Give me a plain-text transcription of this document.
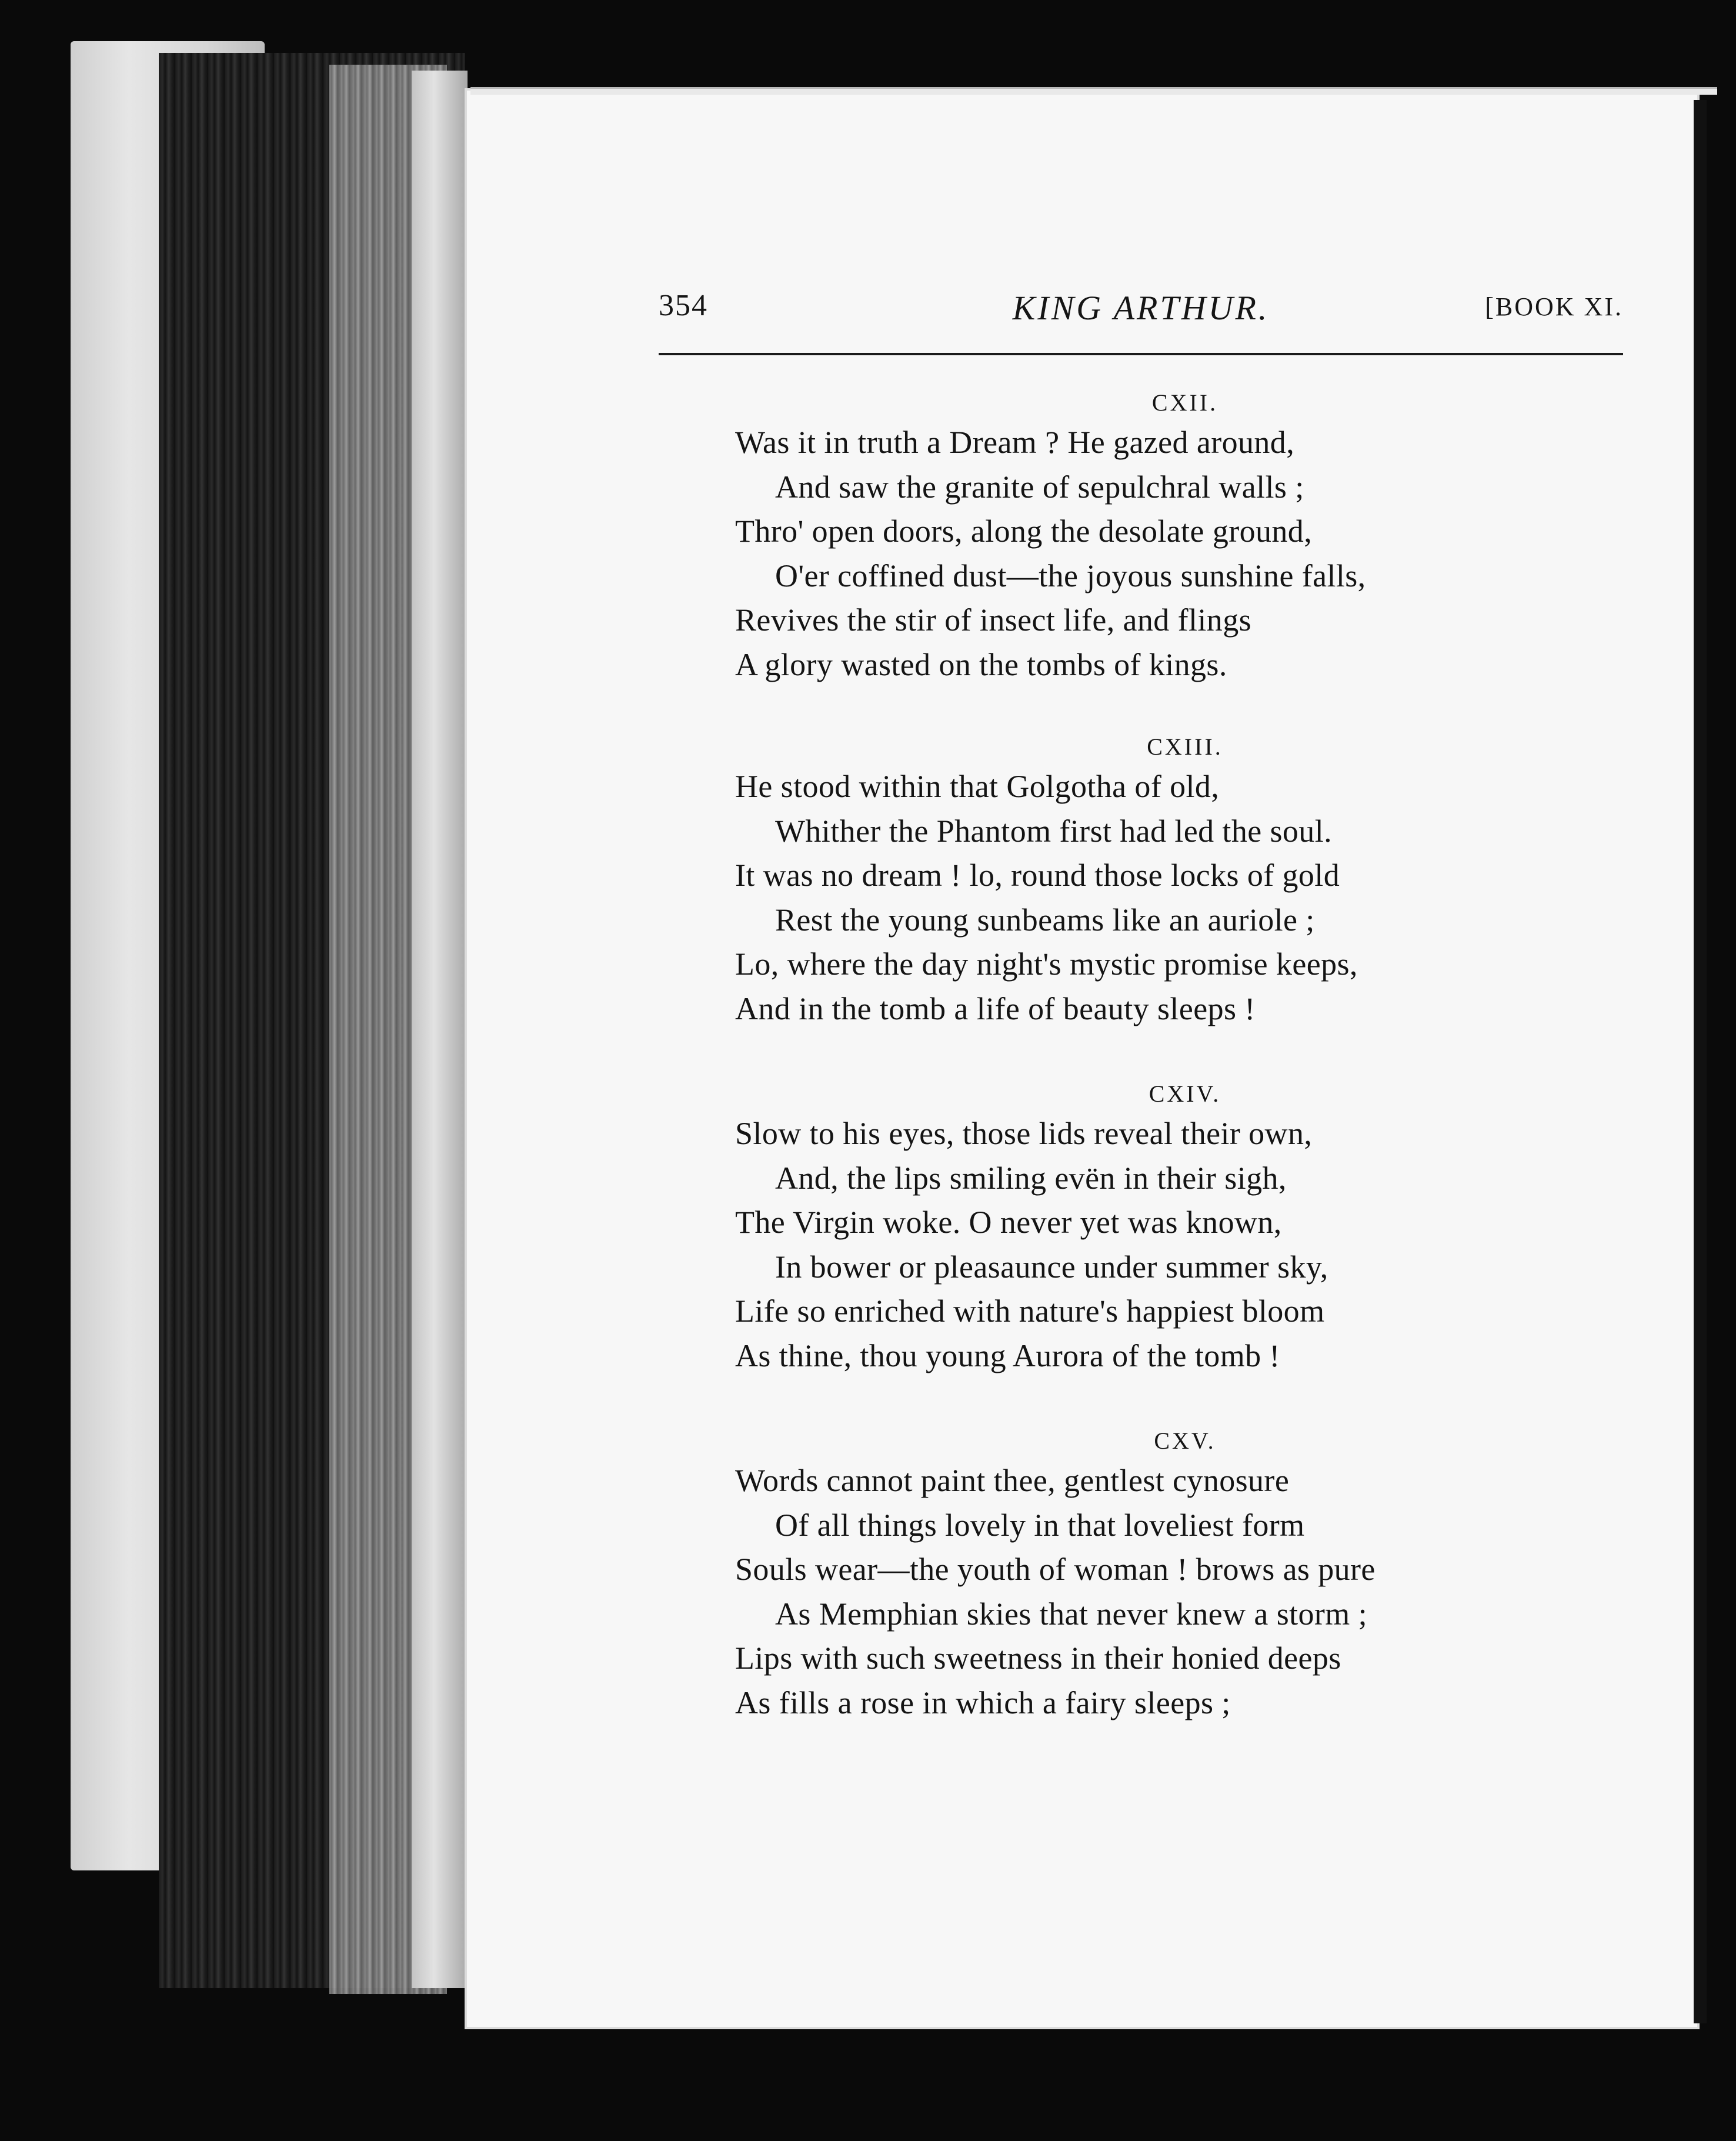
354	KING ARTHUR.	[BOOK XI.
CXII.
Was it in truth a Dream ? He gazed around,
And saw the granite of sepulchral walls ;
Thro' open doors, along the desolate ground,
O'er coffined dust—the joyous sunshine falls,
Revives the stir of insect life, and flings
A glory wasted on the tombs of kings.
CXIII.
He stood within that Golgotha of old,
Whither the Phantom first had led the soul.
It was no dream ! lo, round those locks of gold
Rest the young sunbeams like an auriole ;
Lo, where the day night's mystic promise keeps,
And in the tomb a life of beauty sleeps !
CXIV.
Slow to his eyes, those lids reveal their own,
And, the lips smiling evën in their sigh,
The Virgin woke. O never yet was known,
In bower or pleasaunce under summer sky,
Life so enriched with nature's happiest bloom
As thine, thou young Aurora of the tomb !
CXV.
Words cannot paint thee, gentlest cynosure
Of all things lovely in that loveliest form
Souls wear—the youth of woman ! brows as pure
As Memphian skies that never knew a storm ;
Lips with such sweetness in their honied deeps
As fills a rose in which a fairy sleeps ;
